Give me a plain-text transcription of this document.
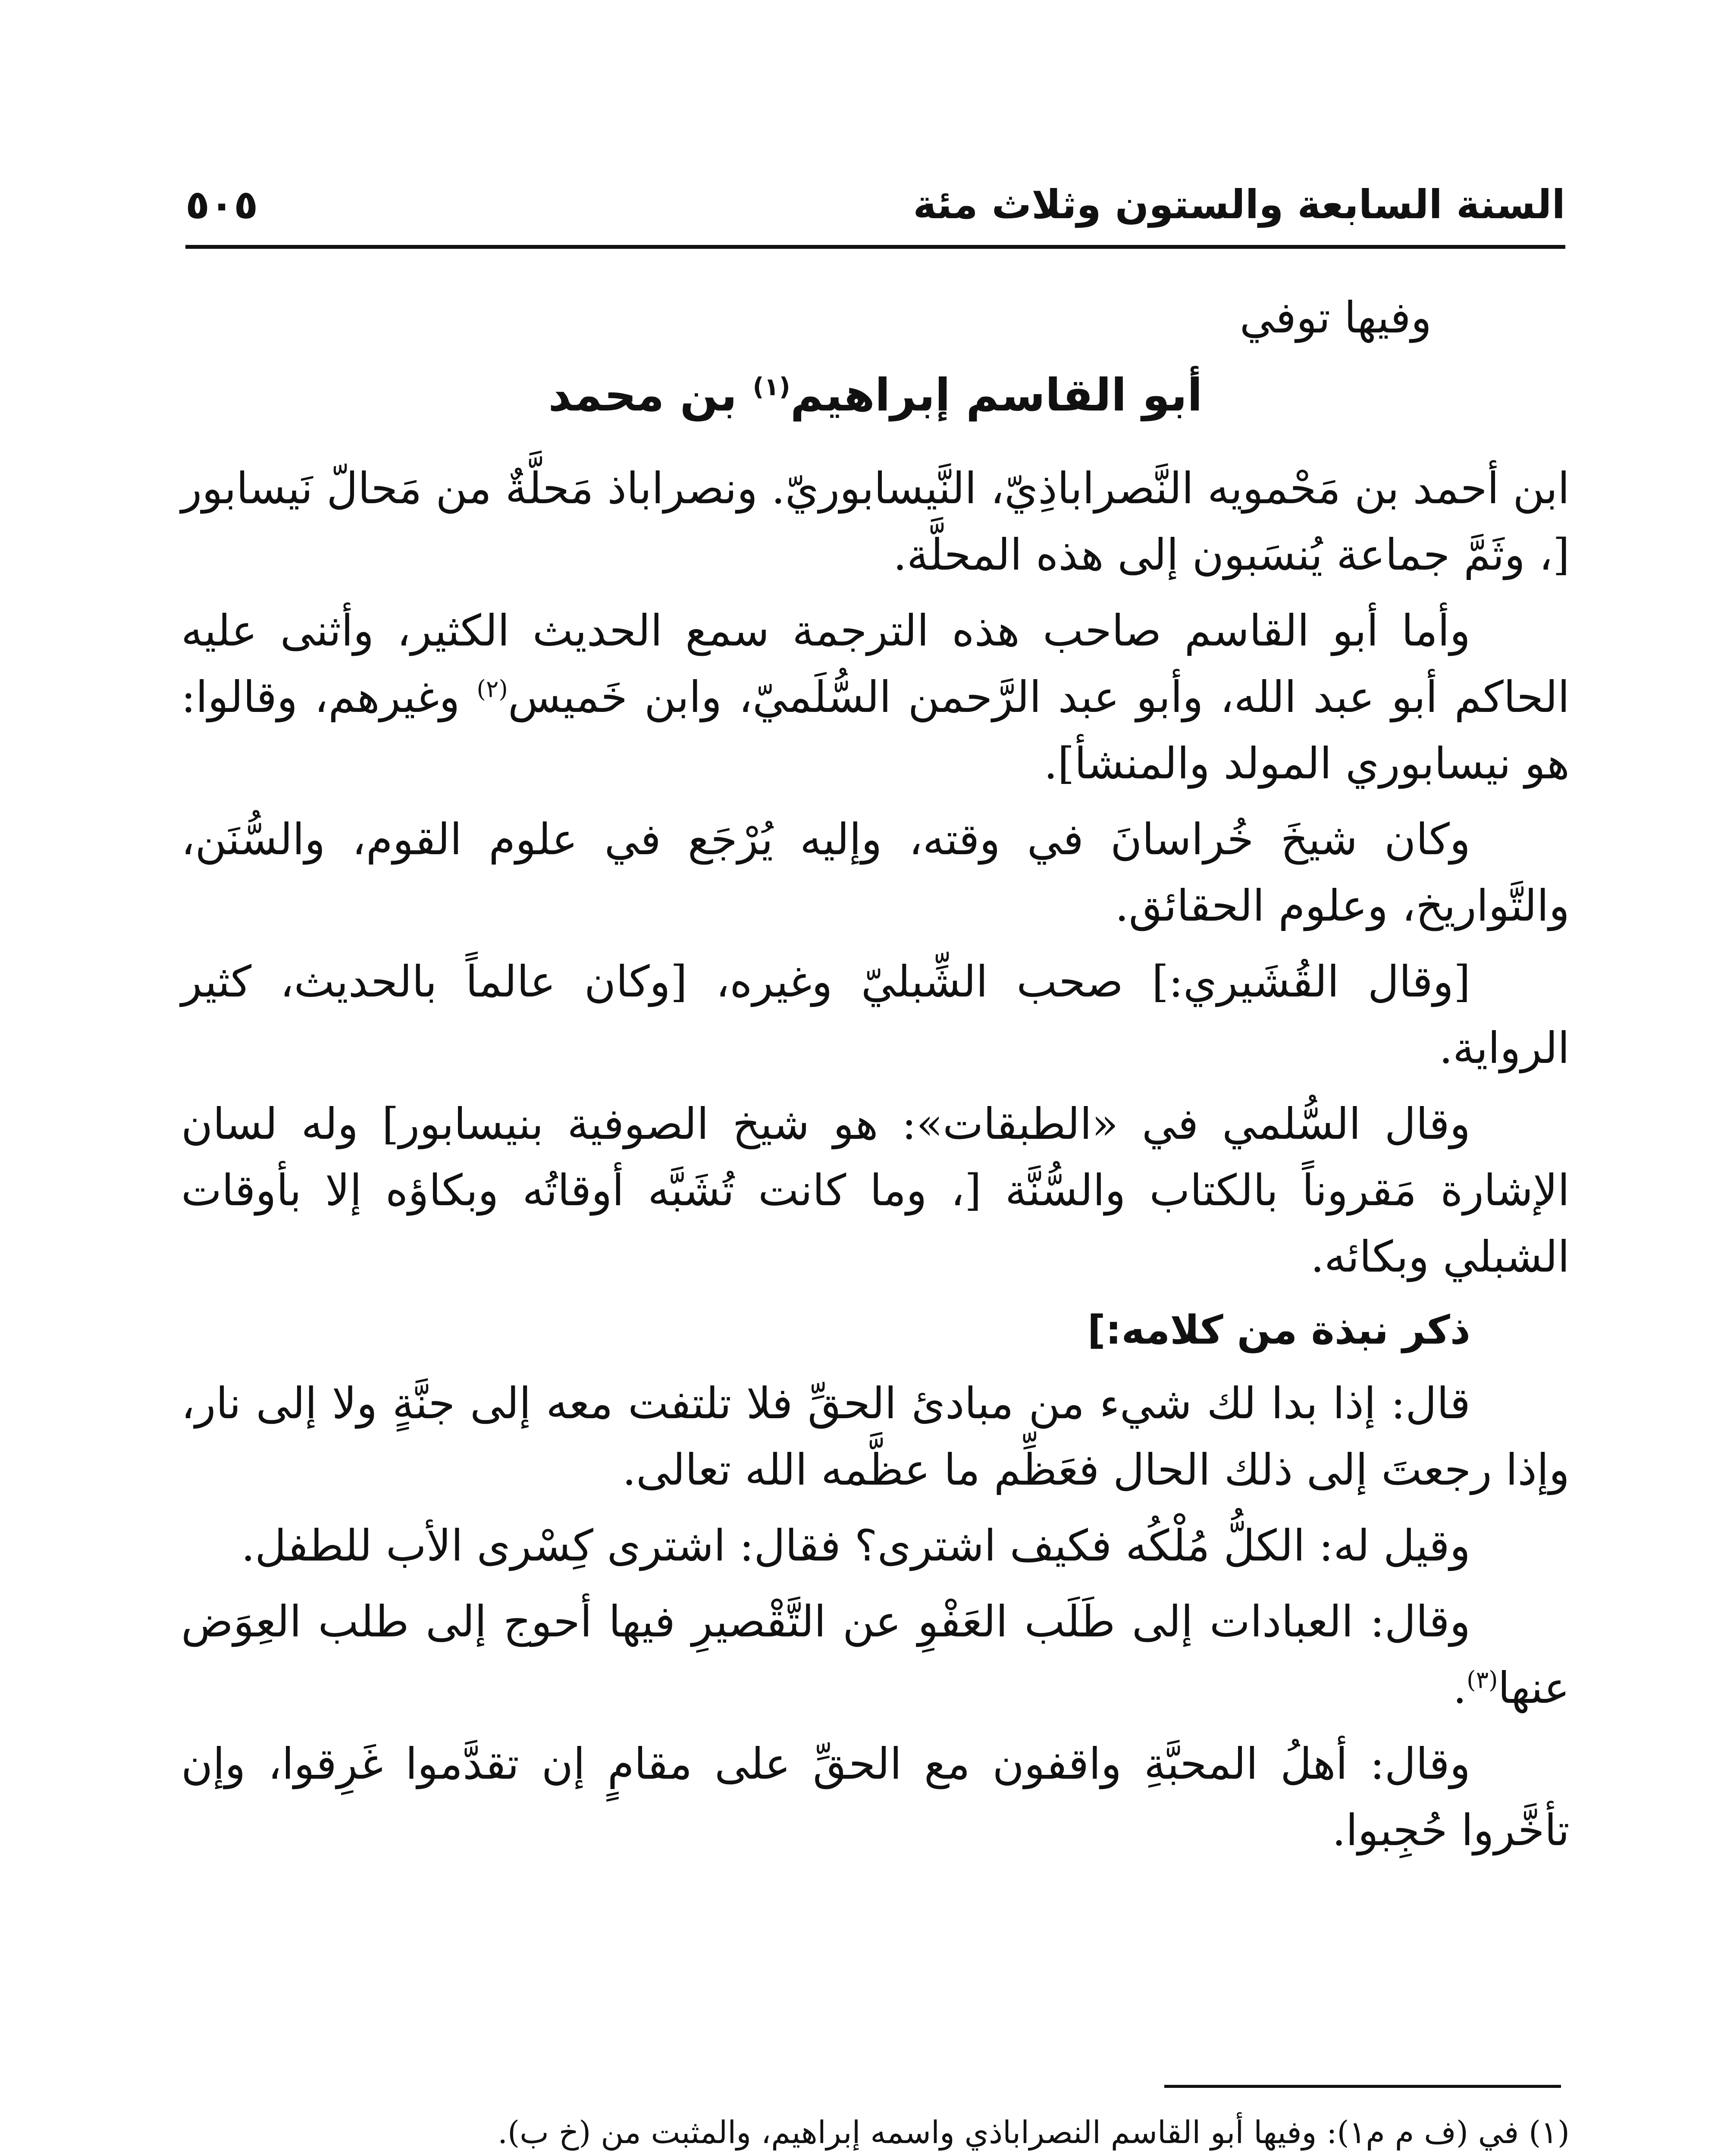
السنة السابعة والستون وثلاث مئة
٥٠٥

وفيها توفي

أبو القاسم إبراهيم$^{(١)}$ بن محمد

ابن أحمد بن مَحْمويه النَّصراباذِيّ، النَّيسابوريّ. ونصراباذ مَحلَّةٌ من مَحالّ نَيسابور [، وثَمَّ جماعة يُنسَبون إلى هذه المحلَّة.

وأما أبو القاسم صاحب هذه الترجمة سمع الحديث الكثير، وأثنى عليه الحاكم أبو عبد الله، وأبو عبد الرَّحمن السُّلَميّ، وابن خَميس$^{(٢)}$ وغيرهم، وقالوا: هو نيسابوري المولد والمنشأ].

وكان شيخَ خُراسانَ في وقته، وإليه يُرْجَع في علوم القوم، والسُّنَن، والتَّواريخ، وعلوم الحقائق.

[وقال القُشَيري:] صحب الشِّبليّ وغيره، [وكان عالماً بالحديث، كثير الرواية.

وقال السُّلمي في «الطبقات»: هو شيخ الصوفية بنيسابور] وله لسان الإشارة مَقروناً بالكتاب والسُّنَّة [، وما كانت تُشَبَّه أوقاتُه وبكاؤه إلا بأوقات الشبلي وبكائه.

ذكر نبذة من كلامه:]

قال: إذا بدا لك شيء من مبادئ الحقِّ فلا تلتفت معه إلى جنَّةٍ ولا إلى نار، وإذا رجعتَ إلى ذلك الحال فعَظِّم ما عظَّمه الله تعالى.

وقيل له: الكلُّ مُلْكُه فكيف اشترى؟ فقال: اشترى كِسْرى الأب للطفل.

وقال: العبادات إلى طَلَب العَفْوِ عن التَّقْصيرِ فيها أحوج إلى طلب العِوَض عنها$^{(٣)}$.

وقال: أهلُ المحبَّةِ واقفون مع الحقِّ على مقامٍ إن تقدَّموا غَرِقوا، وإن تأخَّروا حُجِبوا.

(١) في (ف م م١): وفيها أبو القاسم النصراباذي واسمه إبراهيم، والمثبت من (خ ب).
